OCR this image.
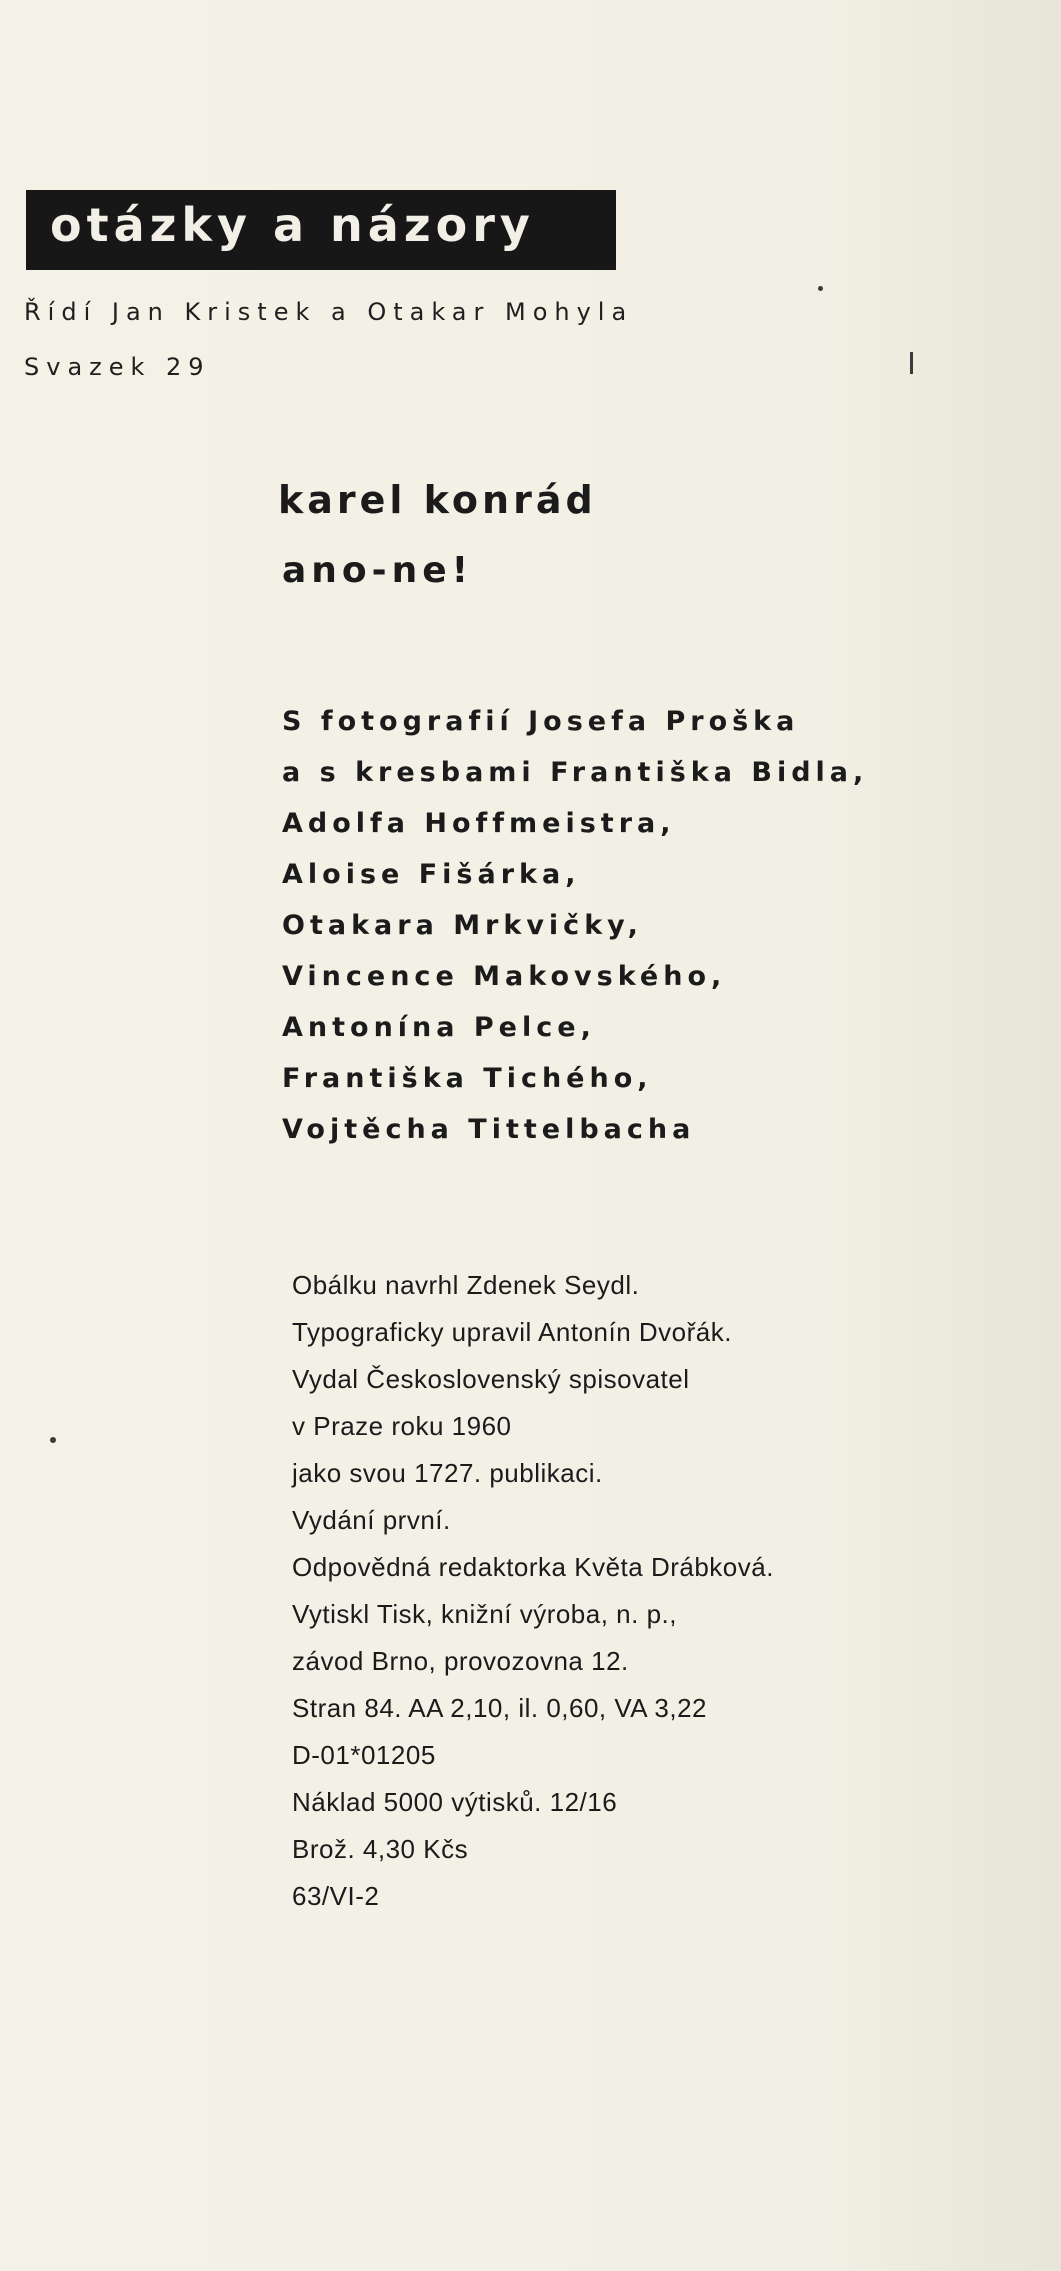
otázky a názory
Řídí Jan Kristek a Otakar Mohyla
Svazek 29
karel konrád
ano-ne!
S fotografií Josefa Proška
a s kresbami Františka Bidla,
Adolfa Hoffmeistra,
Aloise Fišárka,
Otakara Mrkvičky,
Vincence Makovského,
Antonína Pelce,
Františka Tichého,
Vojtěcha Tittelbacha
Obálku navrhl Zdenek Seydl.
Typograficky upravil Antonín Dvořák.
Vydal Československý spisovatel
v Praze roku 1960
jako svou 1727. publikaci.
Vydání první.
Odpovědná redaktorka Květa Drábková.
Vytiskl Tisk, knižní výroba, n. p.,
závod Brno, provozovna 12.
Stran 84. AA 2,10, il. 0,60, VA 3,22
D-01*01205
Náklad 5000 výtisků. 12/16
Brož. 4,30 Kčs
63/VI-2
